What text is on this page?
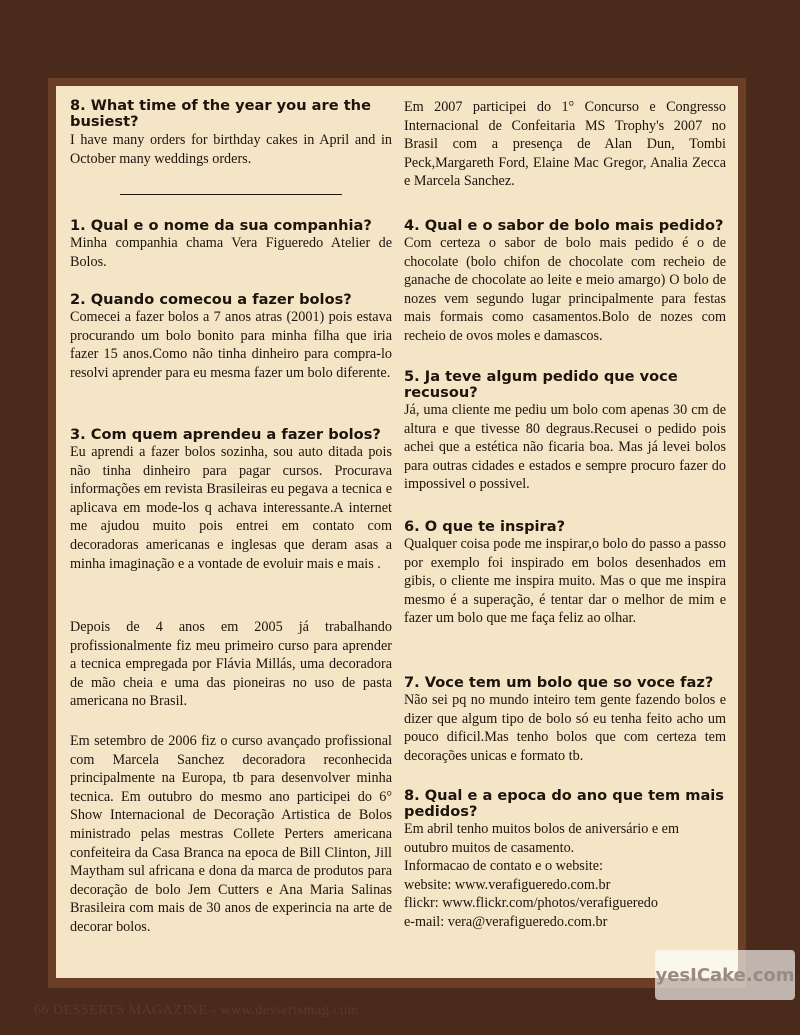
8. What time of the year you are the busiest?

I have many orders for birthday cakes in April and in October many weddings orders.

1. Qual e o nome da sua companhia?

Minha companhia chama Vera Figueredo Atelier de Bolos.

2. Quando comecou a fazer bolos?

Comecei a fazer bolos a 7 anos atras (2001) pois estava procurando um bolo bonito para minha filha que iria fazer 15 anos.Como não tinha dinheiro para compra-lo resolvi aprender para eu mesma fazer um bolo diferente.

3. Com quem aprendeu a fazer bolos?

Eu aprendi a fazer bolos sozinha, sou auto ditada pois não tinha dinheiro para pagar cursos. Procurava informações em revista Brasileiras eu pegava a tecnica e aplicava em mode-los q achava interessante.A internet me ajudou muito pois entrei em contato com decoradoras americanas e inglesas que deram asas a minha imaginação e a vontade de evoluir mais e mais .

Depois de 4 anos em 2005 já trabalhando profissionalmente fiz meu primeiro curso para aprender a tecnica empregada por Flávia Millás, uma decoradora de mão cheia e uma das pioneiras no uso de pasta americana no Brasil.

Em setembro de 2006 fiz o curso avançado profissional com Marcela Sanchez decoradora reconhecida principalmente na Europa, tb para desenvolver minha tecnica. Em outubro do mesmo ano participei do 6° Show Internacional de Decoração Artistica de Bolos ministrado pelas mestras Collete Perters americana confeiteira da Casa Branca na epoca de Bill Clinton, Jill Maytham sul africana e dona da marca de produtos para decoração de bolo Jem Cutters e Ana Maria Salinas Brasileira com mais de 30 anos de experincia na arte de decorar bolos.

Em 2007 participei do 1° Concurso e Congresso Internacional de Confeitaria MS Trophy's 2007 no Brasil com a presença de Alan Dun, Tombi Peck,Margareth Ford, Elaine Mac Gregor, Analia Zecca e Marcela Sanchez.

4. Qual e o sabor de bolo mais pedido?

Com certeza o sabor de bolo mais pedido é o de chocolate (bolo chifon de chocolate com recheio de ganache de chocolate ao leite e meio amargo) O bolo de nozes vem segundo lugar principalmente para festas mais formais como casamentos.Bolo de nozes com recheio de ovos moles e damascos.

5. Ja teve algum pedido que voce recusou?

Já, uma cliente me pediu um bolo com apenas 30 cm de altura e que tivesse 80 degraus.Recusei o pedido pois achei que a estética não ficaria boa. Mas já levei bolos para outras cidades e estados e sempre procuro fazer do impossivel o possivel.

6. O que te inspira?

Qualquer coisa pode me inspirar,o bolo do passo a passo por exemplo foi inspirado em bolos desenhados em gibis, o cliente me inspira muito. Mas o que me inspira mesmo é a superação, é tentar dar o melhor de mim e fazer um bolo que me faça feliz ao olhar.

7. Voce tem um bolo que so voce faz?

Não sei pq no mundo inteiro tem gente fazendo bolos e dizer que algum tipo de bolo só eu tenha feito acho um pouco dificil.Mas tenho bolos que com certeza tem decorações unicas e formato tb.

8. Qual e a epoca do ano que tem mais pedidos?

Em abril tenho muitos bolos de aniversário e em outubro muitos de casamento.

Informacao de contato e o website:

website: www.verafigueredo.com.br

flickr: www.flickr.com/photos/verafigueredo

e-mail: vera@verafigueredo.com.br

66 DESSERTS MAGAZINE - www.dessertsmag.com
yesICake.com
